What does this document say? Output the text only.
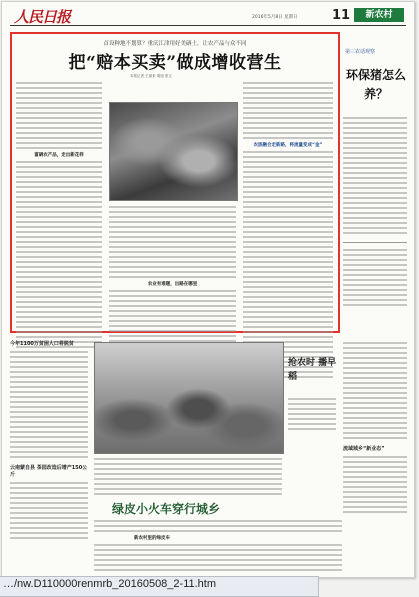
人民日报	2016年5月8日 星期日	11	新农村
首设种地不划算？重庆江津用好美硒土，让农产品与众不同
把“赔本买卖”做成增收营生
本报记者 王斌来 胡旭 张文
富硒农产品，走出新花样
农业有难题，出路在哪里
农旅融合走新路，将流量变成“金”
第三农话观察
环保猪怎么养？
今年1100万贫困人口将脱贫
云南蒙自县 茶园改造后增产150公斤
抢农时 播早稻
绿皮小火车穿行城乡
新农村里的绿皮车
流域城乡“新业态”
…/nw.D110000renmrb_20160508_2-11.htm
